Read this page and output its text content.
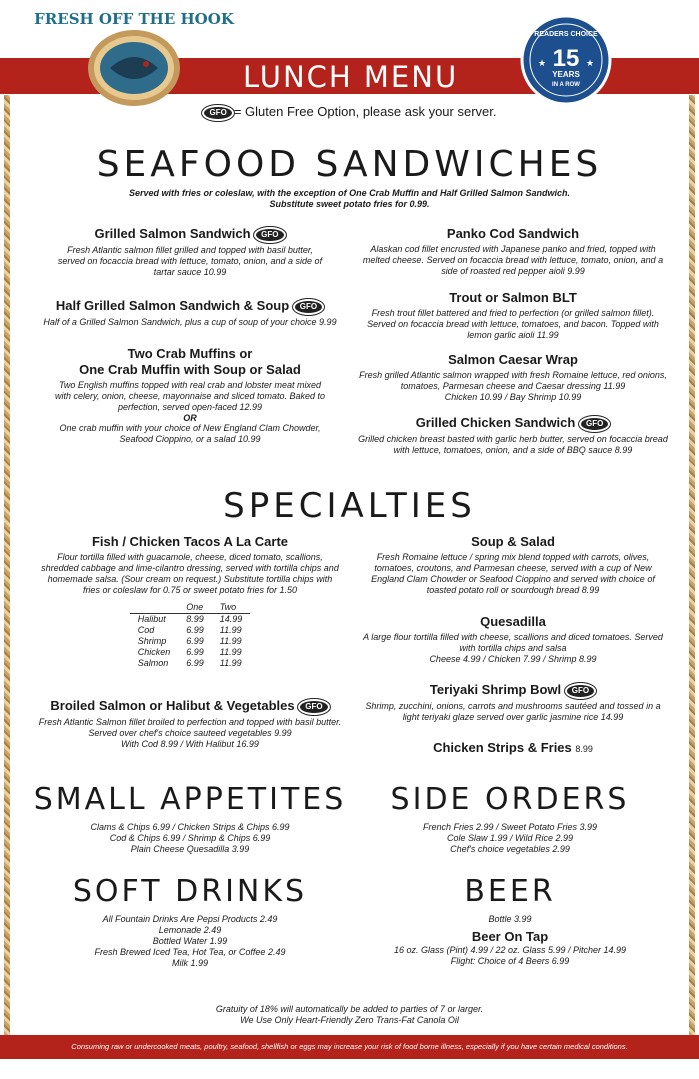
LUNCH MENU
FRESH OFF THE HOOK
READERS CHOICE
15
YEARS
IN A ROW
★	★
GFO = Gluten Free Option, please ask your server.
SEAFOOD SANDWICHES
Served with fries or coleslaw, with the exception of One Crab Muffin and Half Grilled Salmon Sandwich.
Substitute sweet potato fries for 0.99.

Grilled Salmon Sandwich GFO

Fresh Atlantic salmon fillet grilled and topped with basil butter, served on focaccia bread with lettuce, tomato, onion, and a side of tartar sauce 10.99

Half Grilled Salmon Sandwich & Soup GFO

Half of a Grilled Salmon Sandwich, plus a cup of soup of your choice 9.99

Two Crab Muffins or

One Crab Muffin with Soup or Salad

Two English muffins topped with real crab and lobster meat mixed with celery, onion, cheese, mayonnaise and sliced tomato. Baked to perfection, served open-faced 12.99

OR

One crab muffin with your choice of New England Clam Chowder, Seafood Cioppino, or a salad 10.99

Panko Cod Sandwich

Alaskan cod fillet encrusted with Japanese panko and fried, topped with melted cheese. Served on focaccia bread with lettuce, tomato, onion, and a side of roasted red pepper aioli 9.99

Trout or Salmon BLT

Fresh trout fillet battered and fried to perfection (or grilled salmon fillet). Served on focaccia bread with lettuce, tomatoes, and bacon. Topped with lemon garlic aioli 11.99

Salmon Caesar Wrap

Fresh grilled Atlantic salmon wrapped with fresh Romaine lettuce, red onions, tomatoes, Parmesan cheese and Caesar dressing 11.99

Chicken 10.99 / Bay Shrimp 10.99

Grilled Chicken Sandwich GFO

Grilled chicken breast basted with garlic herb butter, served on focaccia bread with lettuce, tomatoes, onion, and a side of BBQ sauce 8.99

SPECIALTIES

Fish / Chicken Tacos A La Carte

Flour tortilla filled with guacamole, cheese, diced tomato, scallions, shredded cabbage and lime-cilantro dressing, served with tortilla chips and homemade salsa. (Sour cream on request.) Substitute tortilla chips with fries or coleslaw for 0.75 or sweet potato fries for 1.50

	One	Two
Halibut	8.99	14.99
Cod	6.99	11.99
Shrimp	6.99	11.99
Chicken	6.99	11.99
Salmon	6.99	11.99

Broiled Salmon or Halibut & Vegetables GFO

Fresh Atlantic Salmon fillet broiled to perfection and topped with basil butter. Served over chef's choice sauteed vegetables 9.99

With Cod 8.99 / With Halibut 16.99

Soup & Salad

Fresh Romaine lettuce / spring mix blend topped with carrots, olives, tomatoes, croutons, and Parmesan cheese, served with a cup of New England Clam Chowder or Seafood Cioppino and served with choice of toasted potato roll or sourdough bread 8.99

Quesadilla

A large flour tortilla filled with cheese, scallions and diced tomatoes. Served with tortilla chips and salsa

Cheese 4.99 / Chicken 7.99 / Shrimp 8.99

Teriyaki Shrimp Bowl GFO

Shrimp, zucchini, onions, carrots and mushrooms sautéed and tossed in a light teriyaki glaze served over garlic jasmine rice 14.99

Chicken Strips & Fries 8.99

SMALL APPETITES
Clams & Chips 6.99 / Chicken Strips & Chips 6.99
Cod & Chips 6.99 / Shrimp & Chips 6.99
Plain Cheese Quesadilla 3.99
SIDE ORDERS
French Fries 2.99 / Sweet Potato Fries 3.99
Cole Slaw 1.99 / Wild Rice 2.99
Chef's choice vegetables 2.99
SOFT DRINKS
All Fountain Drinks Are Pepsi Products 2.49
Lemonade 2.49
Bottled Water 1.99
Fresh Brewed Iced Tea, Hot Tea, or Coffee 2.49
Milk 1.99
BEER
Bottle 3.99
Beer On Tap
16 oz. Glass (Pint) 4.99 / 22 oz. Glass 5.99 / Pitcher 14.99
Flight: Choice of 4 Beers 6.99
Gratuity of 18% will automatically be added to parties of 7 or larger.
We Use Only Heart-Friendly Zero Trans-Fat Canola Oil
Consuming raw or undercooked meats, poultry, seafood, shellfish or eggs may increase your risk of food borne illness, especially if you have certain medical conditions.
